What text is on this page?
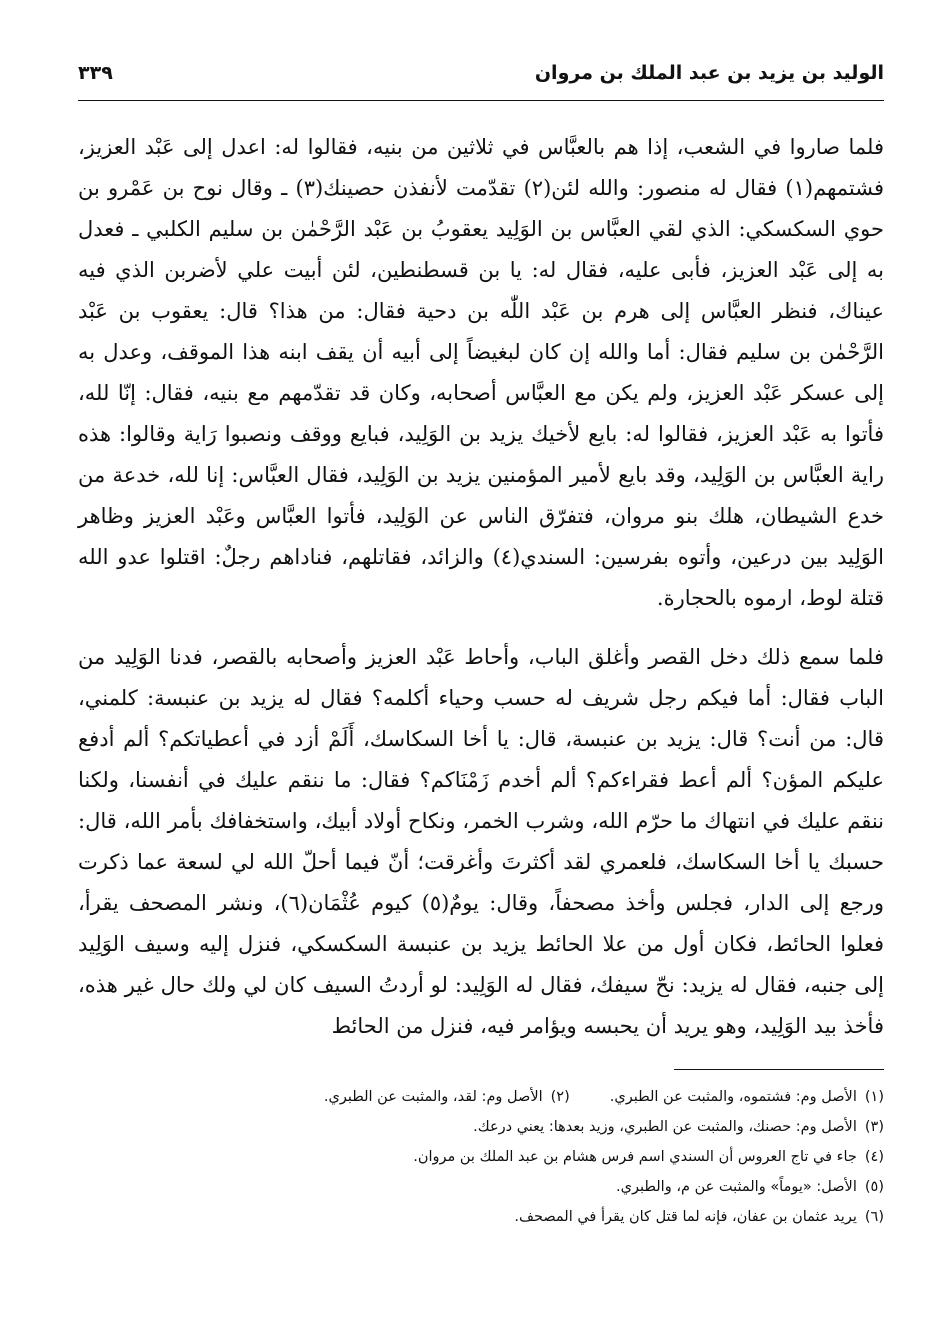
الوليد بن يزيد بن عبد الملك بن مروان
٣٣٩

فلما صاروا في الشعب، إذا هم بالعبَّاس في ثلاثين من بنيه، فقالوا له: اعدل إلى عَبْد العزيز، فشتمهم(١) فقال له منصور: والله لئن(٢) تقدّمت لأنفذن حصينك(٣) ـ وقال نوح بن عَمْرو بن حوي السكسكي: الذي لقي العبَّاس بن الوَلِيد يعقوبُ بن عَبْد الرَّحْمٰن بن سليم الكلبي ـ فعدل به إلى عَبْد العزيز، فأبى عليه، فقال له: يا بن قسطنطين، لئن أبيت علي لأضربن الذي فيه عيناك، فنظر العبَّاس إلى هرم بن عَبْد اللّٰه بن دحية فقال: من هذا؟ قال: يعقوب بن عَبْد الرَّحْمٰن بن سليم فقال: أما والله إن كان لبغيضاً إلى أبيه أن يقف ابنه هذا الموقف، وعدل به إلى عسكر عَبْد العزيز، ولم يكن مع العبَّاس أصحابه، وكان قد تقدّمهم مع بنيه، فقال: إنّا لله، فأتوا به عَبْد العزيز، فقالوا له: بايع لأخيك يزيد بن الوَلِيد، فبايع ووقف ونصبوا رَاية وقالوا: هذه راية العبَّاس بن الوَلِيد، وقد بايع لأمير المؤمنين يزيد بن الوَلِيد، فقال العبَّاس: إنا لله، خدعة من خدع الشيطان، هلك بنو مروان، فتفرّق الناس عن الوَلِيد، فأتوا العبَّاس وعَبْد العزيز وظاهر الوَلِيد بين درعين، وأتوه بفرسين: السندي(٤) والزائد، فقاتلهم، فناداهم رجلٌ: اقتلوا عدو الله قتلة لوط، ارموه بالحجارة.

فلما سمع ذلك دخل القصر وأغلق الباب، وأحاط عَبْد العزيز وأصحابه بالقصر، فدنا الوَلِيد من الباب فقال: أما فيكم رجل شريف له حسب وحياء أكلمه؟ فقال له يزيد بن عنبسة: كلمني، قال: من أنت؟ قال: يزيد بن عنبسة، قال: يا أخا السكاسك، أَلَمْ أزد في أعطياتكم؟ ألم أدفع عليكم المؤن؟ ألم أعط فقراءكم؟ ألم أخدم زَمْنَاكم؟ فقال: ما ننقم عليك في أنفسنا، ولكنا ننقم عليك في انتهاك ما حرّم الله، وشرب الخمر، ونكاح أولاد أبيك، واستخفافك بأمر الله، قال: حسبك يا أخا السكاسك، فلعمري لقد أكثرتَ وأغرقت؛ أنّ فيما أحلّ الله لي لسعة عما ذكرت ورجع إلى الدار، فجلس وأخذ مصحفاً، وقال: يومٌ(٥) كيوم عُثْمَان(٦)، ونشر المصحف يقرأ، فعلوا الحائط، فكان أول من علا الحائط يزيد بن عنبسة السكسكي، فنزل إليه وسيف الوَلِيد إلى جنبه، فقال له يزيد: نحّ سيفك، فقال له الوَلِيد: لو أردتُ السيف كان لي ولك حال غير هذه، فأخذ بيد الوَلِيد، وهو يريد أن يحبسه ويؤامر فيه، فنزل من الحائط

(١)الأصل وم: فشتموه، والمثبت عن الطبري.
(٢)الأصل وم: لقد، والمثبت عن الطبري.
(٣)الأصل وم: حصنك، والمثبت عن الطبري، وزيد بعدها: يعني درعك.
(٤)جاء في تاج العروس أن السندي اسم فرس هشام بن عبد الملك بن مروان.
(٥)الأصل: «يوماً» والمثبت عن م، والطبري.
(٦)يريد عثمان بن عفان، فإنه لما قتل كان يقرأ في المصحف.
